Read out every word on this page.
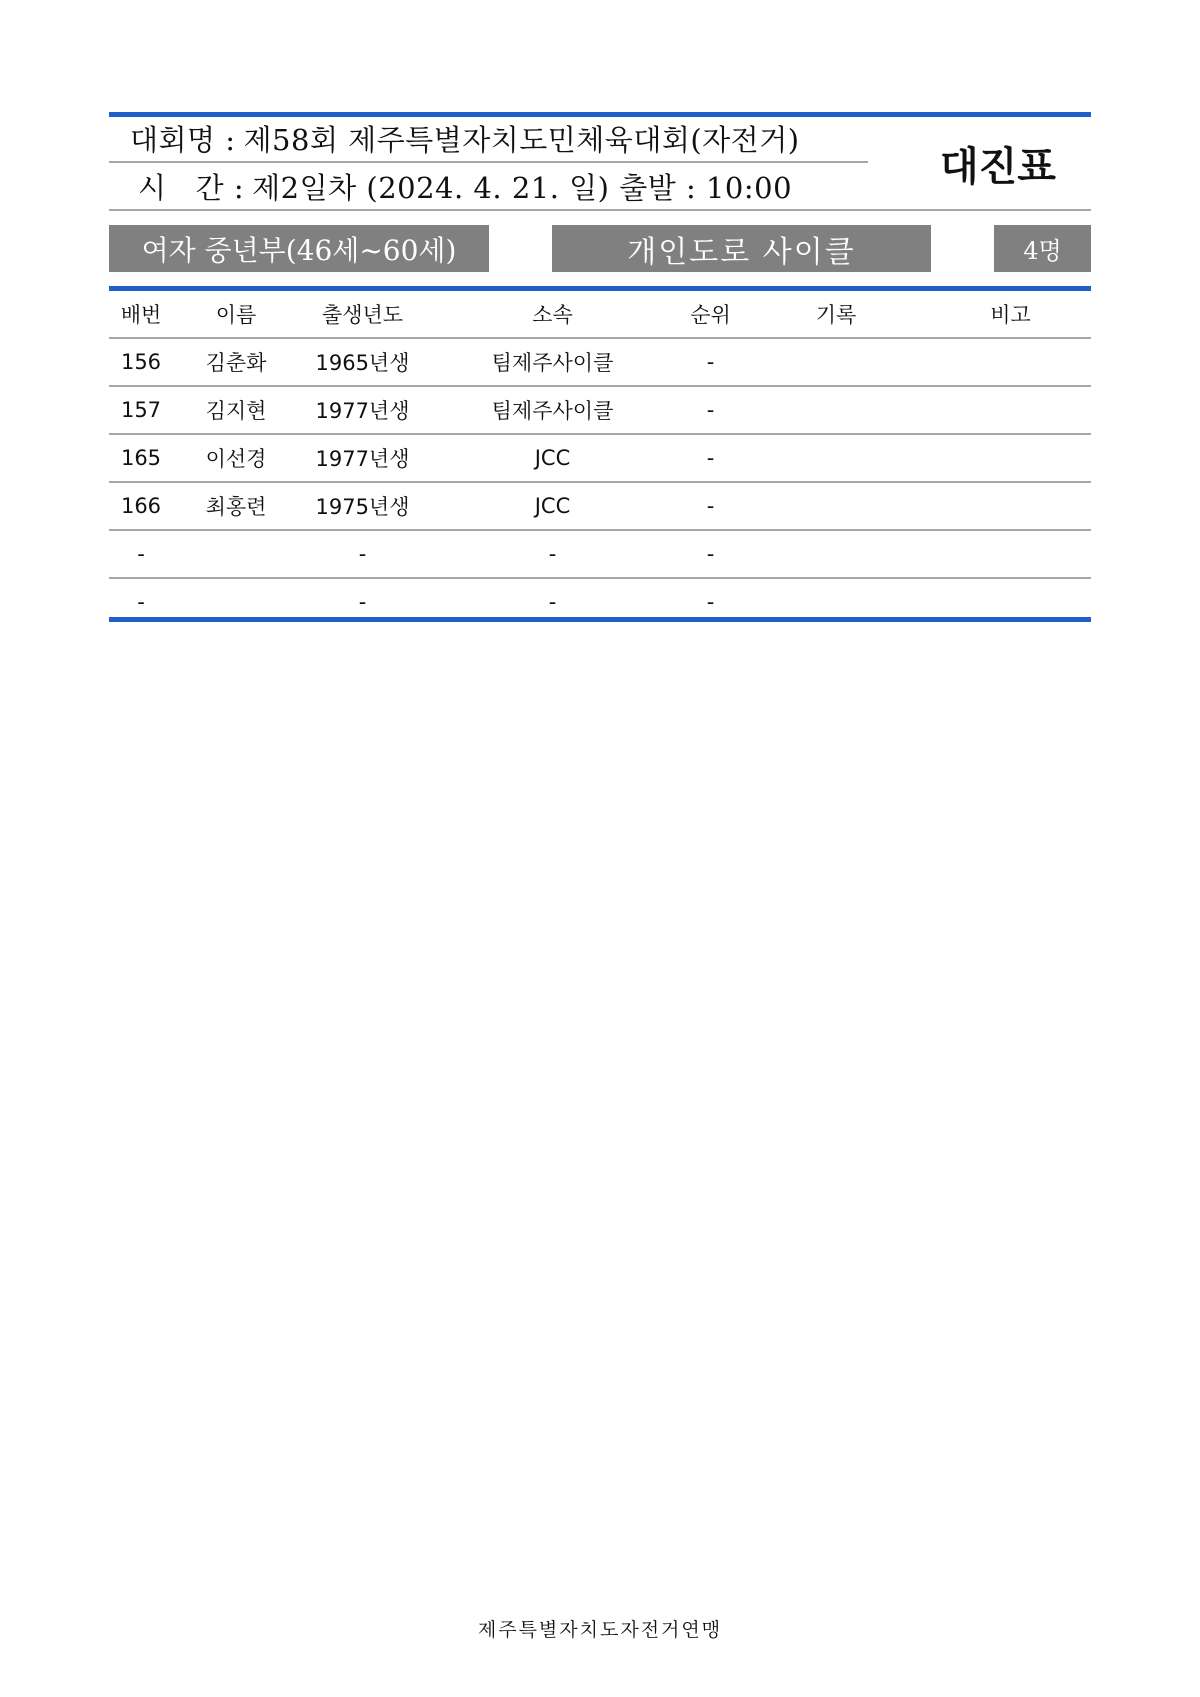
대회명 : 제58회 제주특별자치도민체육대회(자전거)
시   간 : 제2일차 (2024. 4. 21. 일) 출발 : 10:00	대진표
여자 중년부(46세~60세)	개인도로 사이클	4명
배번	이름	출생년도	소속	순위	기록	비고
156	김춘화	1965년생	팀제주사이클	-		
157	김지현	1977년생	팀제주사이클	-		
165	이선경	1977년생	JCC	-		
166	최홍련	1975년생	JCC	-		
-		-	-	-		
-		-	-	-		
제주특별자치도자전거연맹
